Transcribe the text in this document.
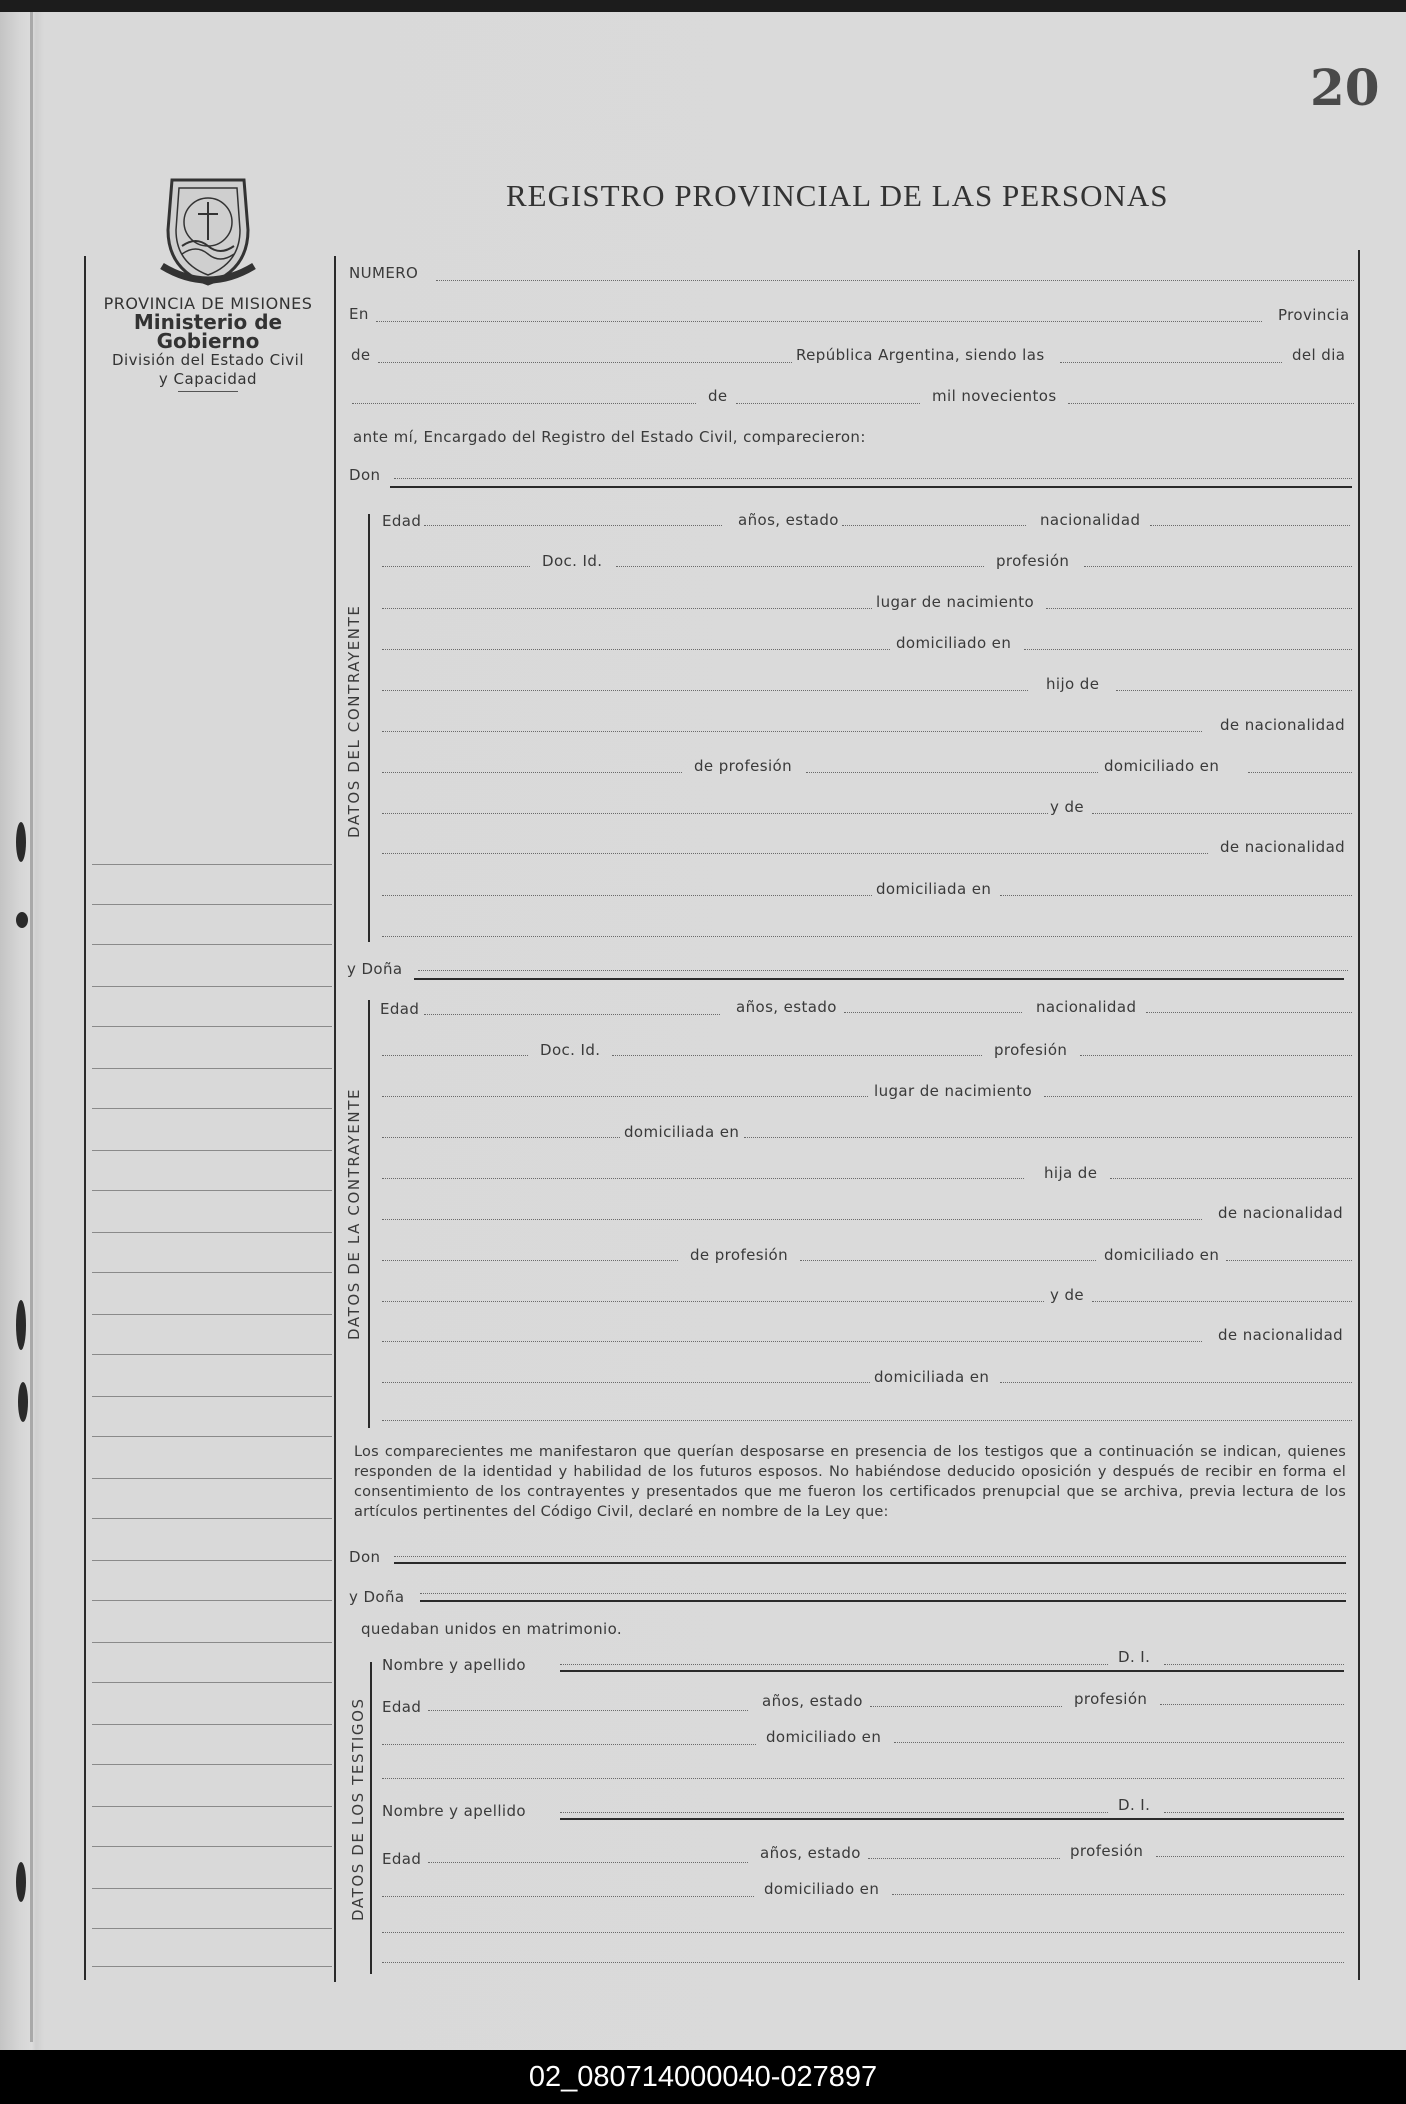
20
REGISTRO PROVINCIAL DE LAS PERSONAS
PROVINCIA DE MISIONES
Ministerio de Gobierno
División del Estado Civil
y Capacidad
NUMERO
En	Provincia
de	República Argentina, siendo las	del dia
de	mil novecientos
ante mí, Encargado del Registro del Estado Civil, comparecieron:
Don
DATOS DEL CONTRAYENTE
Edad	años, estado	nacionalidad
Doc. Id.	profesión
lugar de nacimiento
domiciliado en
hijo de
de nacionalidad
de profesión	domiciliado en
y de
de nacionalidad
domiciliada en
y Doña
DATOS DE LA CONTRAYENTE
Edad	años, estado	nacionalidad
Doc. Id.	profesión
lugar de nacimiento
domiciliada en
hija de
de nacionalidad
de profesión	domiciliado en
y de
de nacionalidad
domiciliada en
Los comparecientes me manifestaron que querían desposarse en presencia de los testigos que a continuación se indican, quienes responden de la identidad y habilidad de los futuros esposos. No habiéndose deducido oposición y después de recibir en forma el consentimiento de los contrayentes y presentados que me fueron los certificados prenupcial que se archiva, previa lectura de los artículos pertinentes del Código Civil, declaré en nombre de la Ley que:
Don
y Doña
quedaban unidos en matrimonio.
DATOS DE LOS TESTIGOS
Nombre y apellido	D. I.
Edad	años, estado	profesión
domiciliado en
Nombre y apellido	D. I.
Edad	años, estado	profesión
domiciliado en
02_080714000040-027897
